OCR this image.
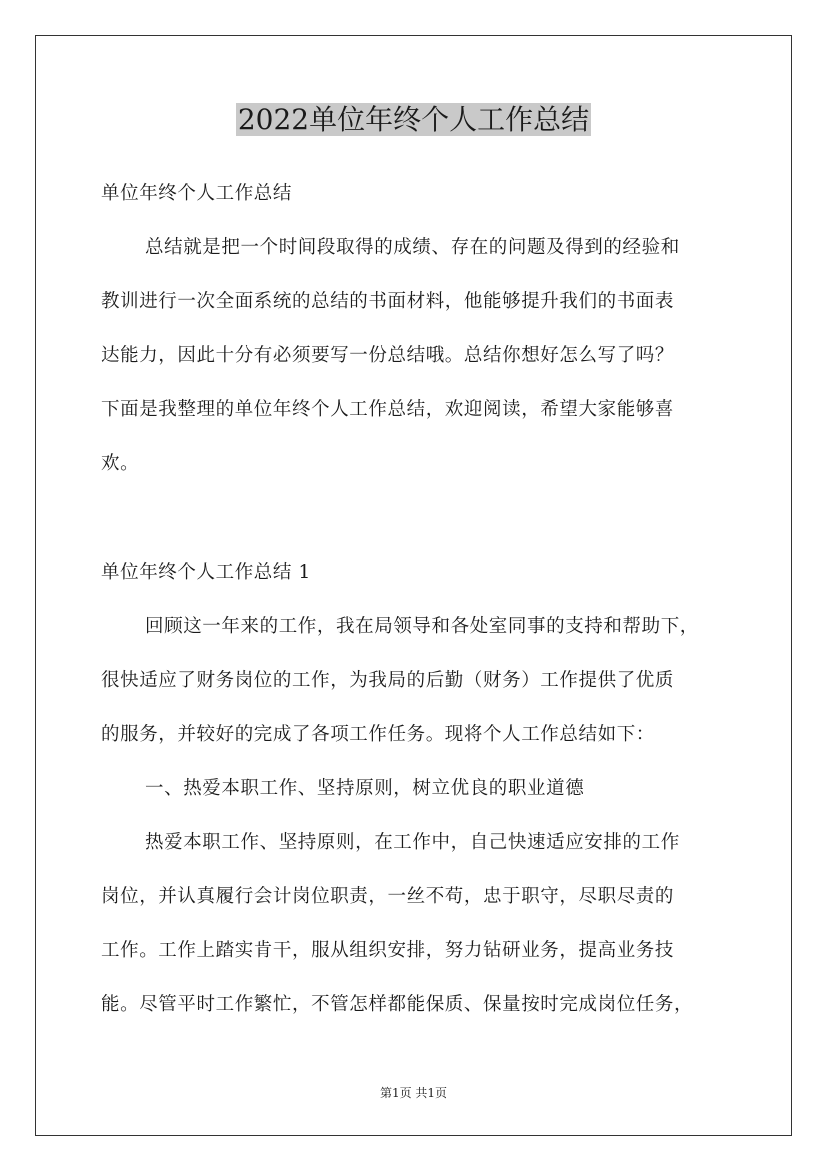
2022单位年终个人工作总结
单位年终个人工作总结
总结就是把一个时间段取得的成绩、存在的问题及得到的经验和
教训进行一次全面系统的总结的书面材料，他能够提升我们的书面表
达能力，因此十分有必须要写一份总结哦。总结你想好怎么写了吗？
下面是我整理的单位年终个人工作总结，欢迎阅读，希望大家能够喜
欢。
单位年终个人工作总结 1
回顾这一年来的工作，我在局领导和各处室同事的支持和帮助下，
很快适应了财务岗位的工作，为我局的后勤（财务）工作提供了优质
的服务，并较好的完成了各项工作任务。现将个人工作总结如下：
一、热爱本职工作、坚持原则，树立优良的职业道德
热爱本职工作、坚持原则，在工作中，自己快速适应安排的工作
岗位，并认真履行会计岗位职责，一丝不苟，忠于职守，尽职尽责的
工作。工作上踏实肯干，服从组织安排，努力钻研业务，提高业务技
能。尽管平时工作繁忙，不管怎样都能保质、保量按时完成岗位任务，
第1页 共1页
